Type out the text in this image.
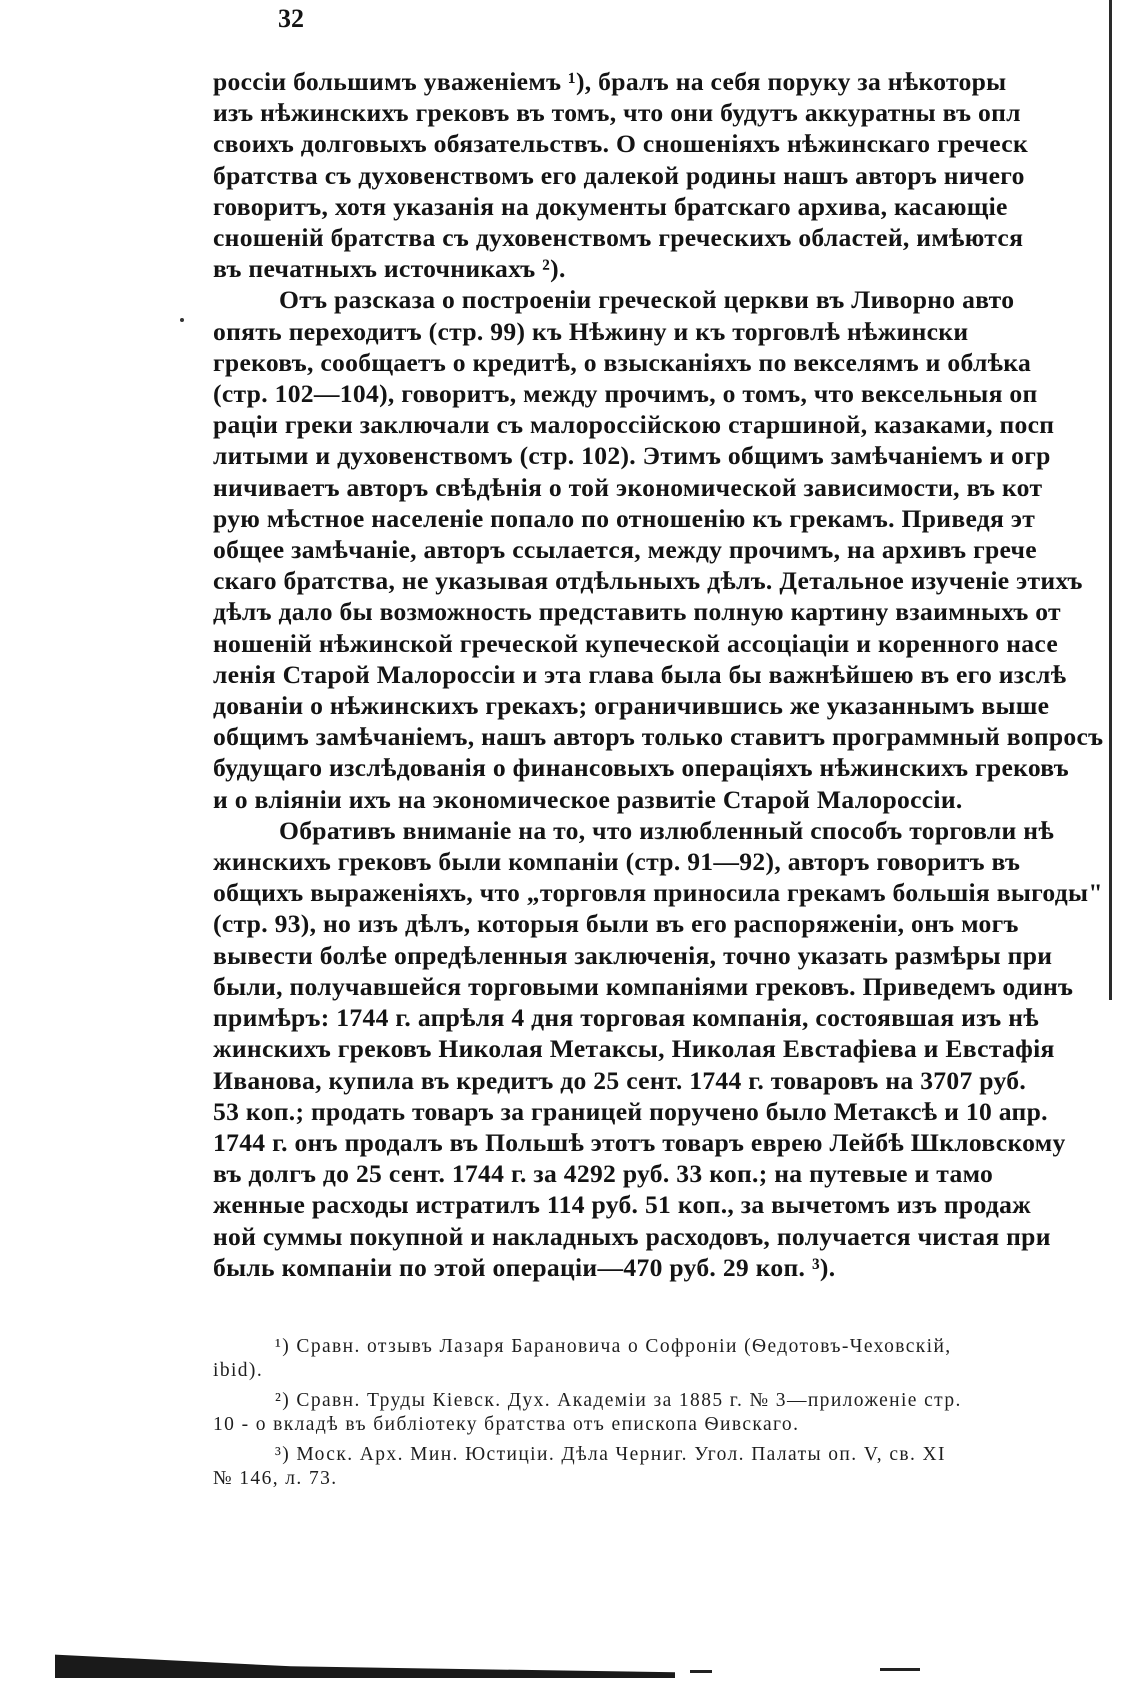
32
россіи большимъ уваженіемъ ¹), бралъ на себя поруку за нѣкоторы
изъ нѣжинскихъ грековъ въ томъ, что они будутъ аккуратны въ опл
своихъ долговыхъ обязательствъ. О сношеніяхъ нѣжинскаго греческ
братства съ духовенствомъ его далекой родины нашъ авторъ ничего
говоритъ, хотя указанія на документы братскаго архива, касающіе
сношеній братства съ духовенствомъ греческихъ областей, имѣются
въ печатныхъ источникахъ ²).
Отъ разсказа о построеніи греческой церкви въ Ливорно авто
опять переходитъ (стр. 99) къ Нѣжину и къ торговлѣ нѣжински
грековъ, сообщаетъ о кредитѣ, о взысканіяхъ по векселямъ и облѣка
(стр. 102—104), говоритъ, между прочимъ, о томъ, что вексельныя оп
раціи греки заключали съ малороссійскою старшиной, казаками, посп
литыми и духовенствомъ (стр. 102). Этимъ общимъ замѣчаніемъ и огр
ничиваетъ авторъ свѣдѣнія о той экономической зависимости, въ кот
рую мѣстное населеніе попало по отношенію къ грекамъ. Приведя эт
общее замѣчаніе, авторъ ссылается, между прочимъ, на архивъ грече
скаго братства, не указывая отдѣльныхъ дѣлъ. Детальное изученіе этихъ
дѣлъ дало бы возможность представить полную картину взаимныхъ от
ношеній нѣжинской греческой купеческой ассоціаціи и коренного насе
ленія Старой Малороссіи и эта глава была бы важнѣйшею въ его изслѣ
дованіи о нѣжинскихъ грекахъ; ограничившись же указаннымъ выше
общимъ замѣчаніемъ, нашъ авторъ только ставитъ программный вопросъ
будущаго изслѣдованія о финансовыхъ операціяхъ нѣжинскихъ грековъ
и о вліяніи ихъ на экономическое развитіе Старой Малороссіи.
Обративъ вниманіе на то, что излюбленный способъ торговли нѣ
жинскихъ грековъ были компаніи (стр. 91—92), авторъ говоритъ въ
общихъ выраженіяхъ, что „торговля приносила грекамъ большія выгоды"
(стр. 93), но изъ дѣлъ, которыя были въ его распоряженіи, онъ могъ
вывести болѣе опредѣленныя заключенія, точно указать размѣры при
были, получавшейся торговыми компаніями грековъ. Приведемъ одинъ
примѣръ: 1744 г. апрѣля 4 дня торговая компанія, состоявшая изъ нѣ
жинскихъ грековъ Николая Метаксы, Николая Евстафіева и Евстафія
Иванова, купила въ кредитъ до 25 сент. 1744 г. товаровъ на 3707 руб.
53 коп.; продать товаръ за границей поручено было Метаксѣ и 10 апр.
1744 г. онъ продалъ въ Польшѣ этотъ товаръ еврею Лейбѣ Шкловскому
въ долгъ до 25 сент. 1744 г. за 4292 руб. 33 коп.; на путевые и тамо
женные расходы истратилъ 114 руб. 51 коп., за вычетомъ изъ продаж
ной суммы покупной и накладныхъ расходовъ, получается чистая при
быль компаніи по этой операціи—470 руб. 29 коп. ³).
¹) Сравн. отзывъ Лазаря Барановича о Софроніи (Ѳедотовъ-Чеховскій,
ibid).
²) Сравн. Труды Кіевск. Дух. Академіи за 1885 г. № 3—приложеніе стр.
10 - о вкладѣ въ библіотеку братства отъ епископа Ѳивскаго.
³) Моск. Арх. Мин. Юстиціи. Дѣла Черниг. Угол. Палаты оп. V, св. XI
№ 146, л. 73.
